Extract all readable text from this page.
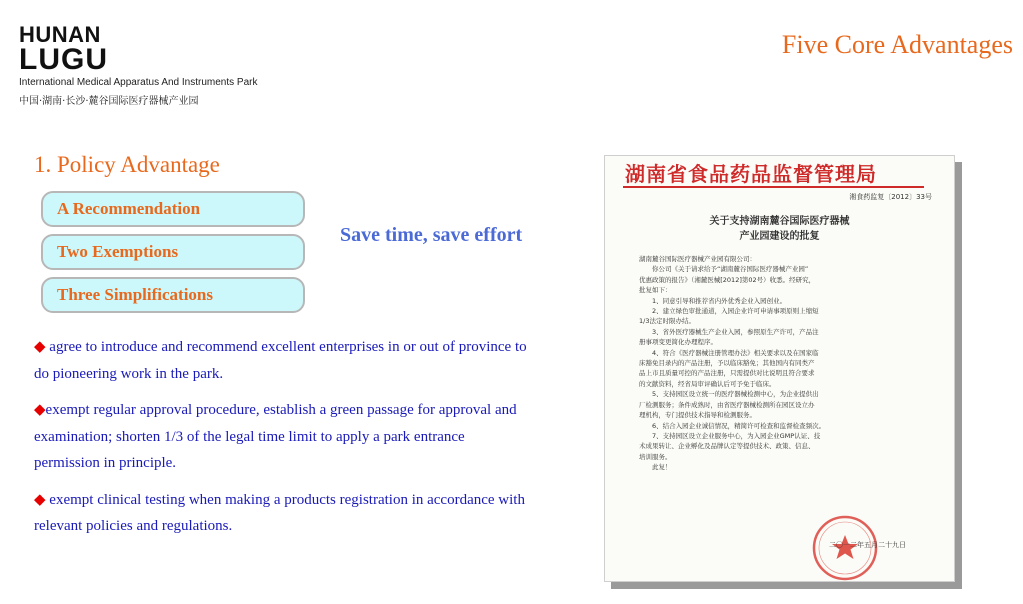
HUNAN
LUGU
International Medical Apparatus And Instruments Park
中国·湖南·长沙·麓谷国际医疗器械产业园
Five Core Advantages
1. Policy Advantage
A Recommendation
Two Exemptions
Three Simplifications
Save time, save effort

◆ agree to introduce and recommend excellent enterprises in or out of province to do pioneering work in the park.

◆exempt regular approval procedure, establish a green passage for approval and examination; shorten 1/3 of the legal time limit to apply a park entrance permission in principle.

◆ exempt clinical testing when making a products registration in accordance with relevant policies and regulations.

湖南省食品药品监督管理局
湘食药监复〔2012〕33号
关于支持湖南麓谷国际医疗器械
产业园建设的批复
湖南麓谷国际医疗器械产业园有限公司：
　　你公司《关于请求给予“湖南麓谷国际医疗器械产业园”
优惠政策的报告》（湘麓医械[2012]第02号）收悉。经研究，
批复如下：
　　1、同意引导和推荐省内外优秀企业入园创业。
　　2、建立绿色审批通道，入园企业许可申请事项原则上缩短
1/3法定时限办结。
　　3、省外医疗器械生产企业入园，参照原生产许可，产品注
册事项变更简化办理程序。
　　4、符合《医疗器械注册管理办法》相关要求以及在国家临
床豁免目录内的产品注册，予以临床豁免；其他国内有同类产
品上市且质量可控的产品注册，只需提供对比说明且符合要求
的文献资料，经省局审评确认后可予免于临床。
　　5、支持园区设立统一的医疗器械检测中心，为企业提供出
厂检测服务；条件成熟时，由省医疗器械检测所在园区设立办
理机构，专门提供技术指导和检测服务。
　　6、结合入园企业诚信情况，精简许可检查和监督检查频次。
　　7、支持园区设立企业服务中心，为入园企业GMP认证、技
术成果转让、企业孵化及品牌认定等提供技术、政策、信息、
培训服务。
　　此复！
二〇一二年五月二十九日
